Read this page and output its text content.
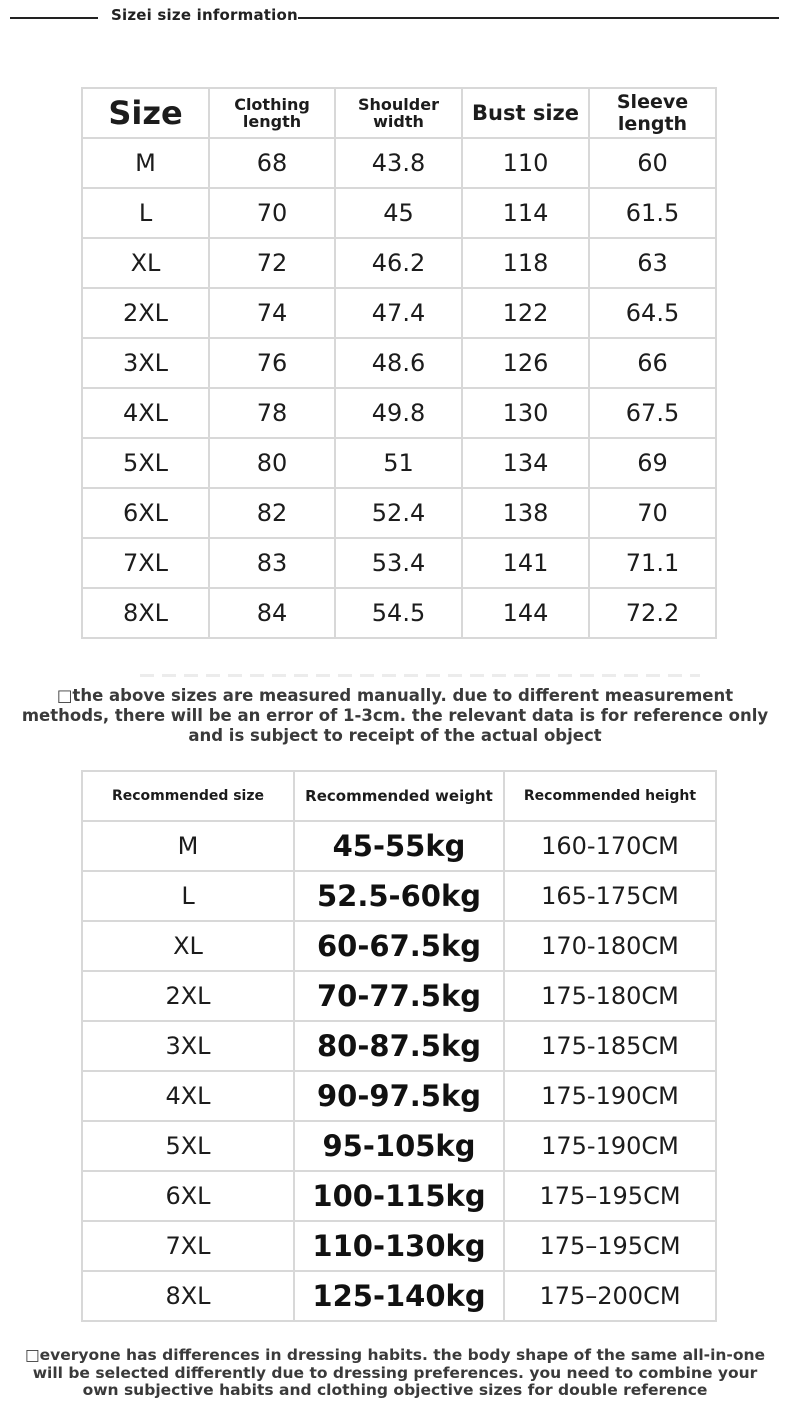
Sizei size information
Size	Clothing length	Shoulder width	Bust size	Sleeve length
M	68	43.8	110	60
L	70	45	114	61.5
XL	72	46.2	118	63
2XL	74	47.4	122	64.5
3XL	76	48.6	126	66
4XL	78	49.8	130	67.5
5XL	80	51	134	69
6XL	82	52.4	138	70
7XL	83	53.4	141	71.1
8XL	84	54.5	144	72.2
□the above sizes are measured manually. due to different measurement methods, there will be an error of 1-3cm. the relevant data is for reference only and is subject to receipt of the actual object
Recommended size	Recommended weight	Recommended height
M	45-55kg	160-170CM
L	52.5-60kg	165-175CM
XL	60-67.5kg	170-180CM
2XL	70-77.5kg	175-180CM
3XL	80-87.5kg	175-185CM
4XL	90-97.5kg	175-190CM
5XL	95-105kg	175-190CM
6XL	100-115kg	175–195CM
7XL	110-130kg	175–195CM
8XL	125-140kg	175–200CM
□everyone has differences in dressing habits. the body shape of the same all-in-one will be selected differently due to dressing preferences. you need to combine your own subjective habits and clothing objective sizes for double reference
